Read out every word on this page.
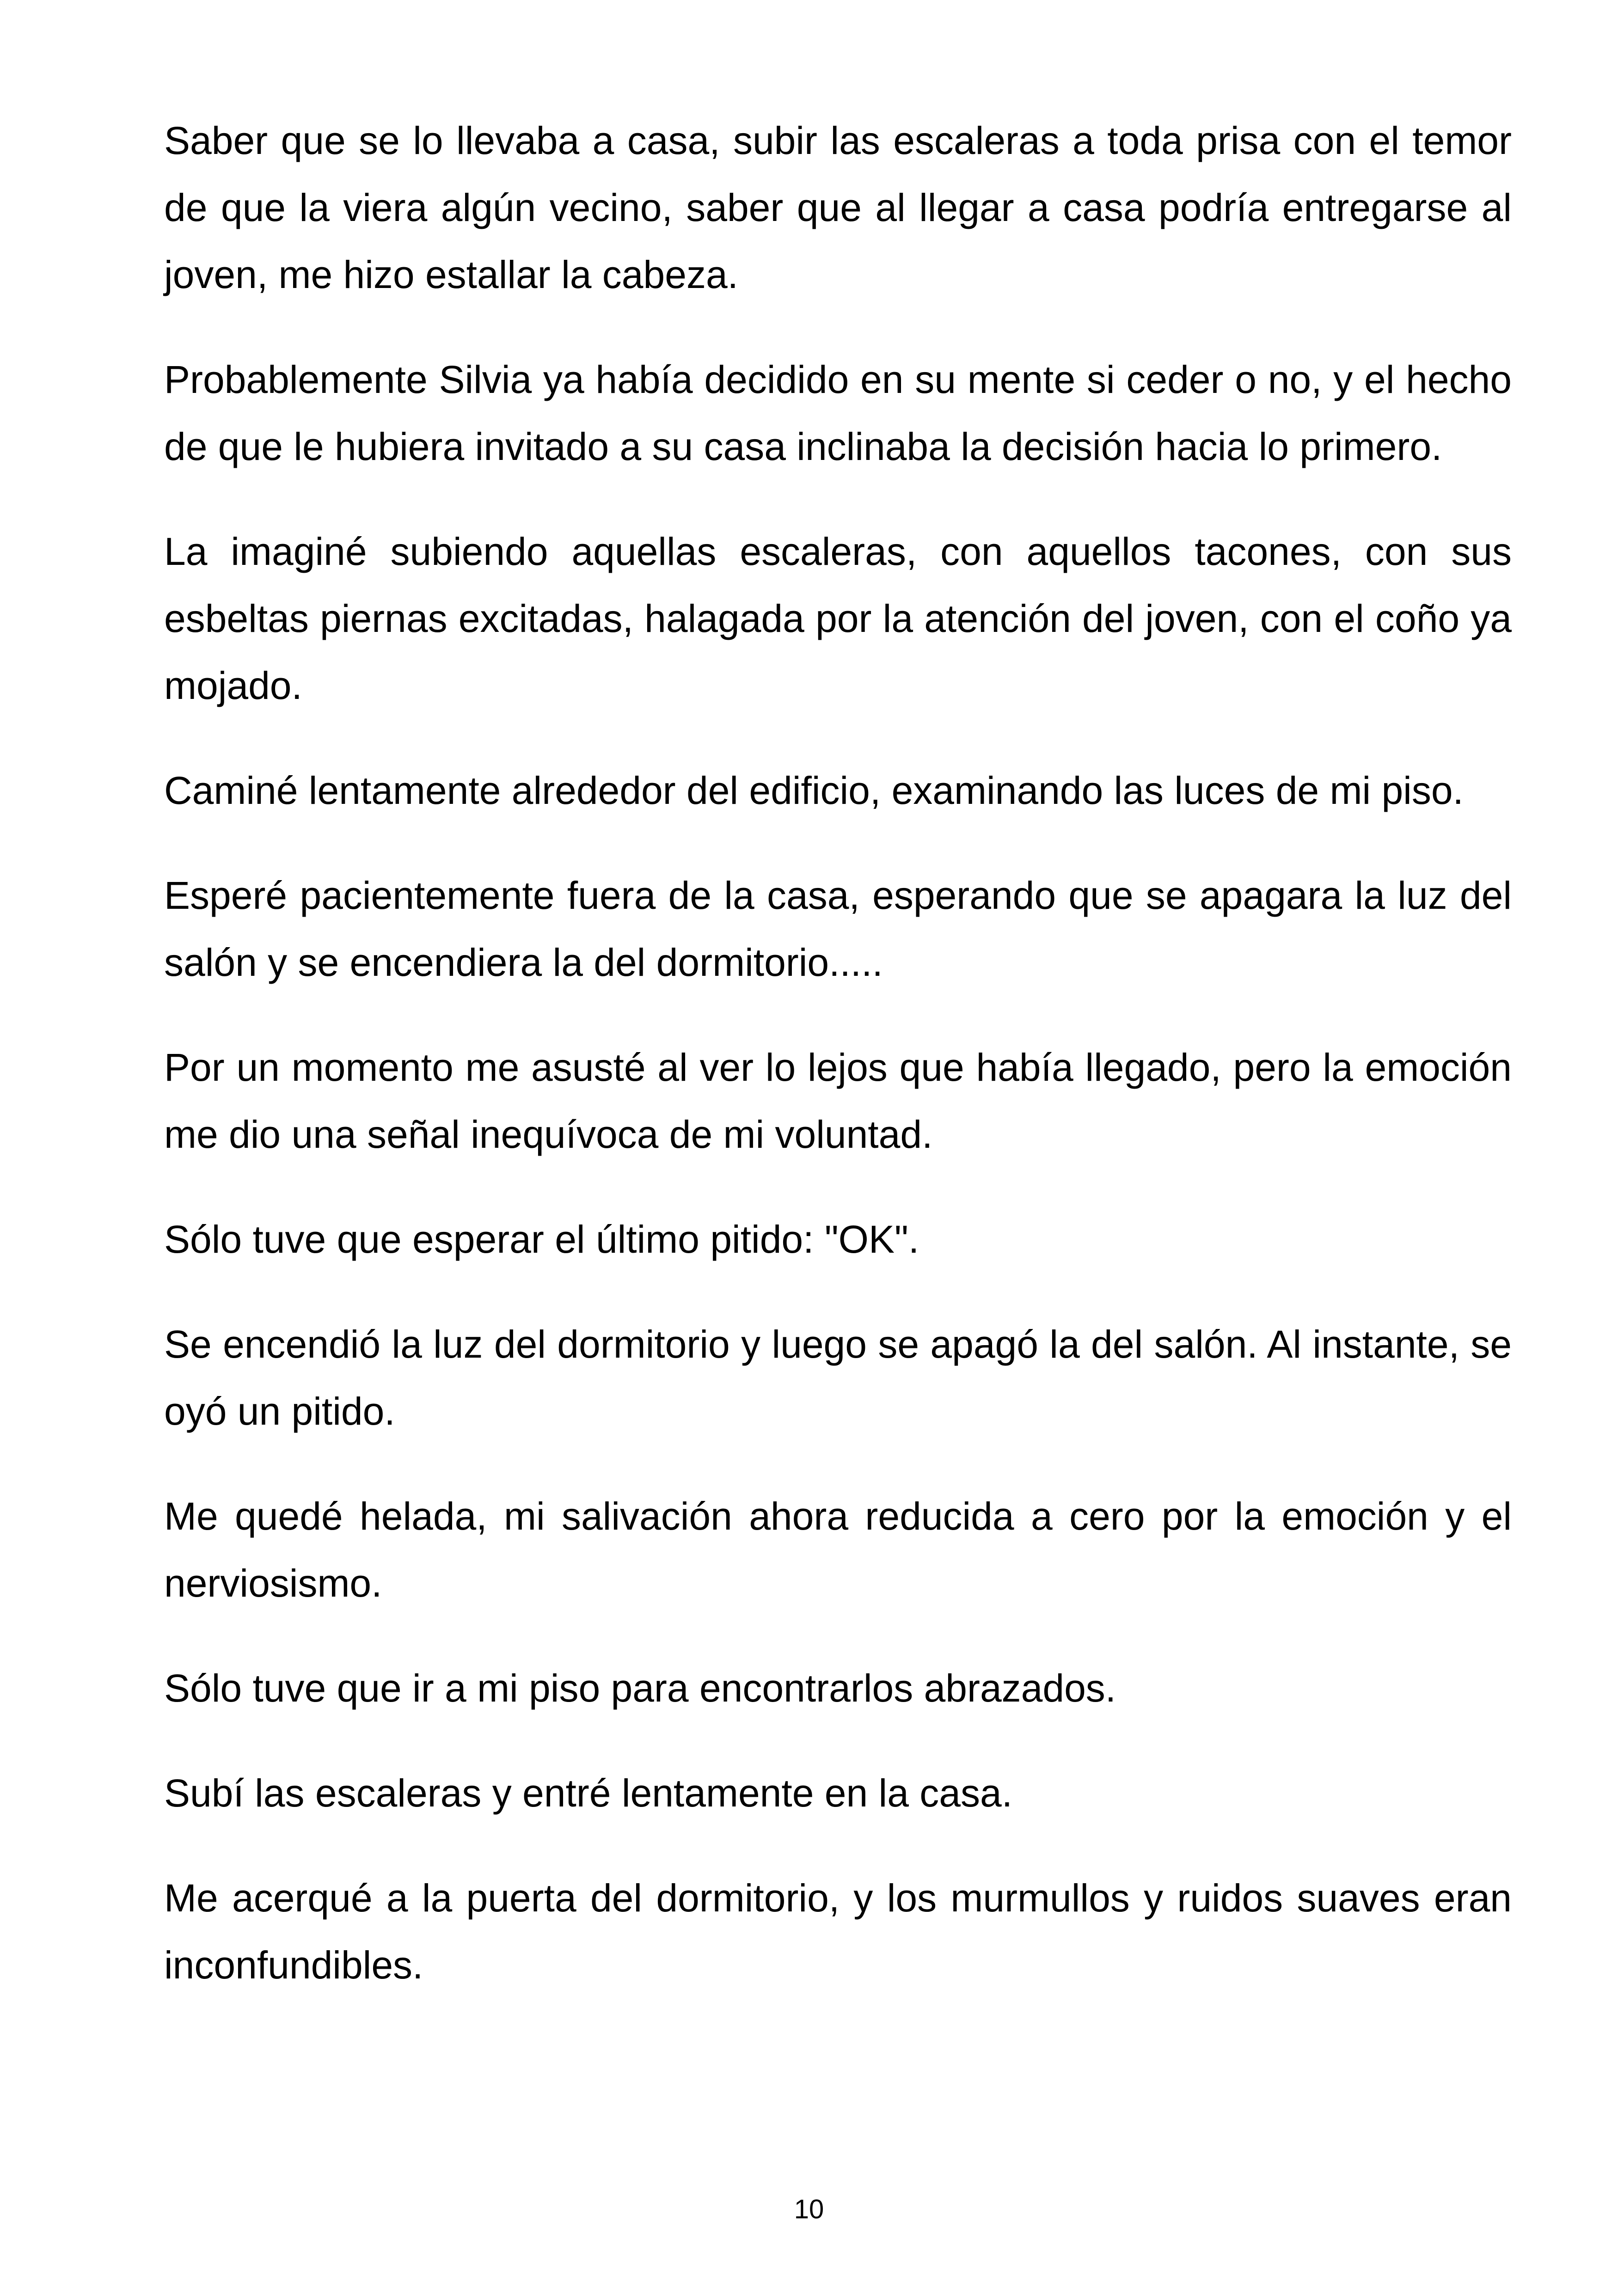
Saber que se lo llevaba a casa, subir las escaleras a toda prisa con el temor de que la viera algún vecino, saber que al llegar a casa podría entregarse al joven, me hizo estallar la cabeza.

Probablemente Silvia ya había decidido en su mente si ceder o no, y el hecho de que le hubiera invitado a su casa inclinaba la decisión hacia lo primero.

La imaginé subiendo aquellas escaleras, con aquellos tacones, con sus esbeltas piernas excitadas, halagada por la atención del joven, con el coño ya mojado.

Caminé lentamente alrededor del edificio, examinando las luces de mi piso.

Esperé pacientemente fuera de la casa, esperando que se apagara la luz del salón y se encendiera la del dormitorio.....

Por un momento me asusté al ver lo lejos que había llegado, pero la emoción me dio una señal inequívoca de mi voluntad.

Sólo tuve que esperar el último pitido: "OK".

Se encendió la luz del dormitorio y luego se apagó la del salón. Al instante, se oyó un pitido.

Me quedé helada, mi salivación ahora reducida a cero por la emoción y el nerviosismo.

Sólo tuve que ir a mi piso para encontrarlos abrazados.

Subí las escaleras y entré lentamente en la casa.

Me acerqué a la puerta del dormitorio, y los murmullos y ruidos suaves eran inconfundibles.

10
